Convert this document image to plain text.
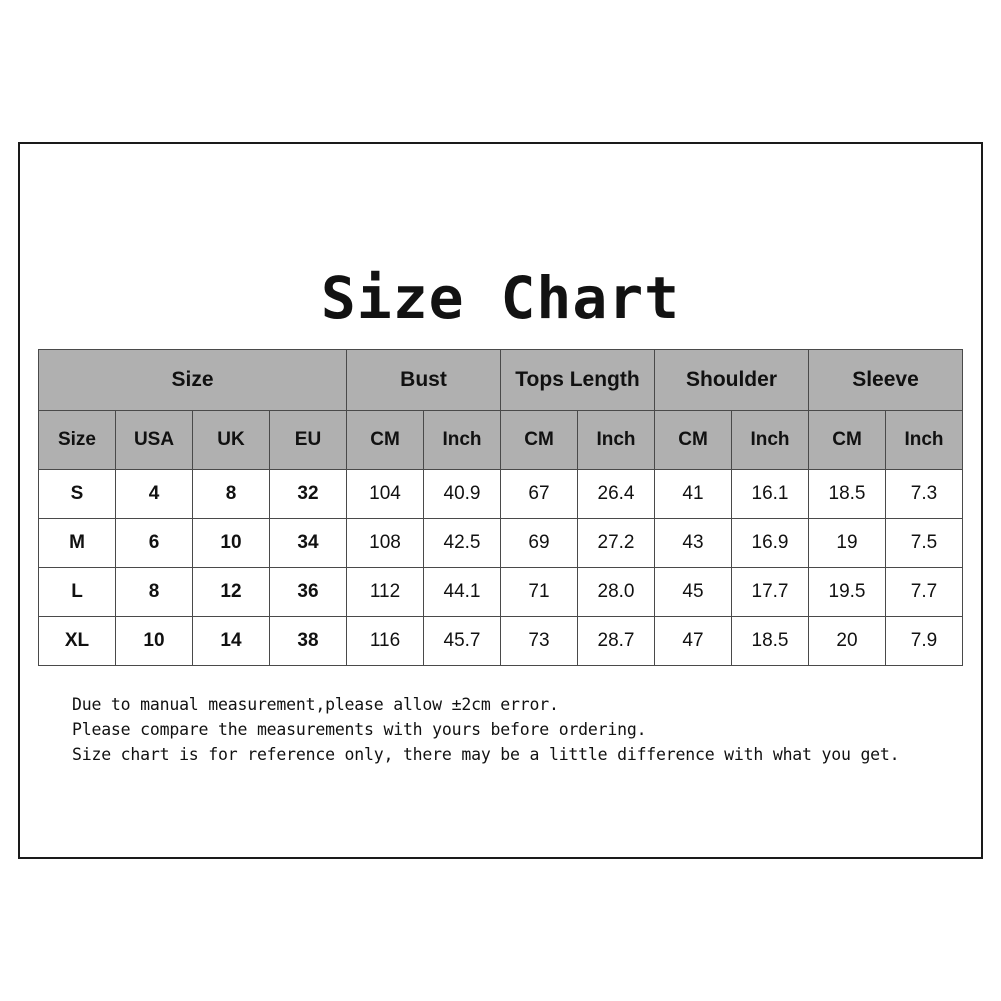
Size Chart
Size				Bust		Tops Length		Shoulder		Sleeve	
Size	USA	UK	EU	CM	Inch	CM	Inch	CM	Inch	CM	Inch
S	4	8	32	104	40.9	67	26.4	41	16.1	18.5	7.3
M	6	10	34	108	42.5	69	27.2	43	16.9	19	7.5
L	8	12	36	112	44.1	71	28.0	45	17.7	19.5	7.7
XL	10	14	38	116	45.7	73	28.7	47	18.5	20	7.9
Due to manual measurement,please allow ±2cm error.
Please compare the measurements with yours before ordering.
Size chart is for reference only, there may be a little difference with what you get.
